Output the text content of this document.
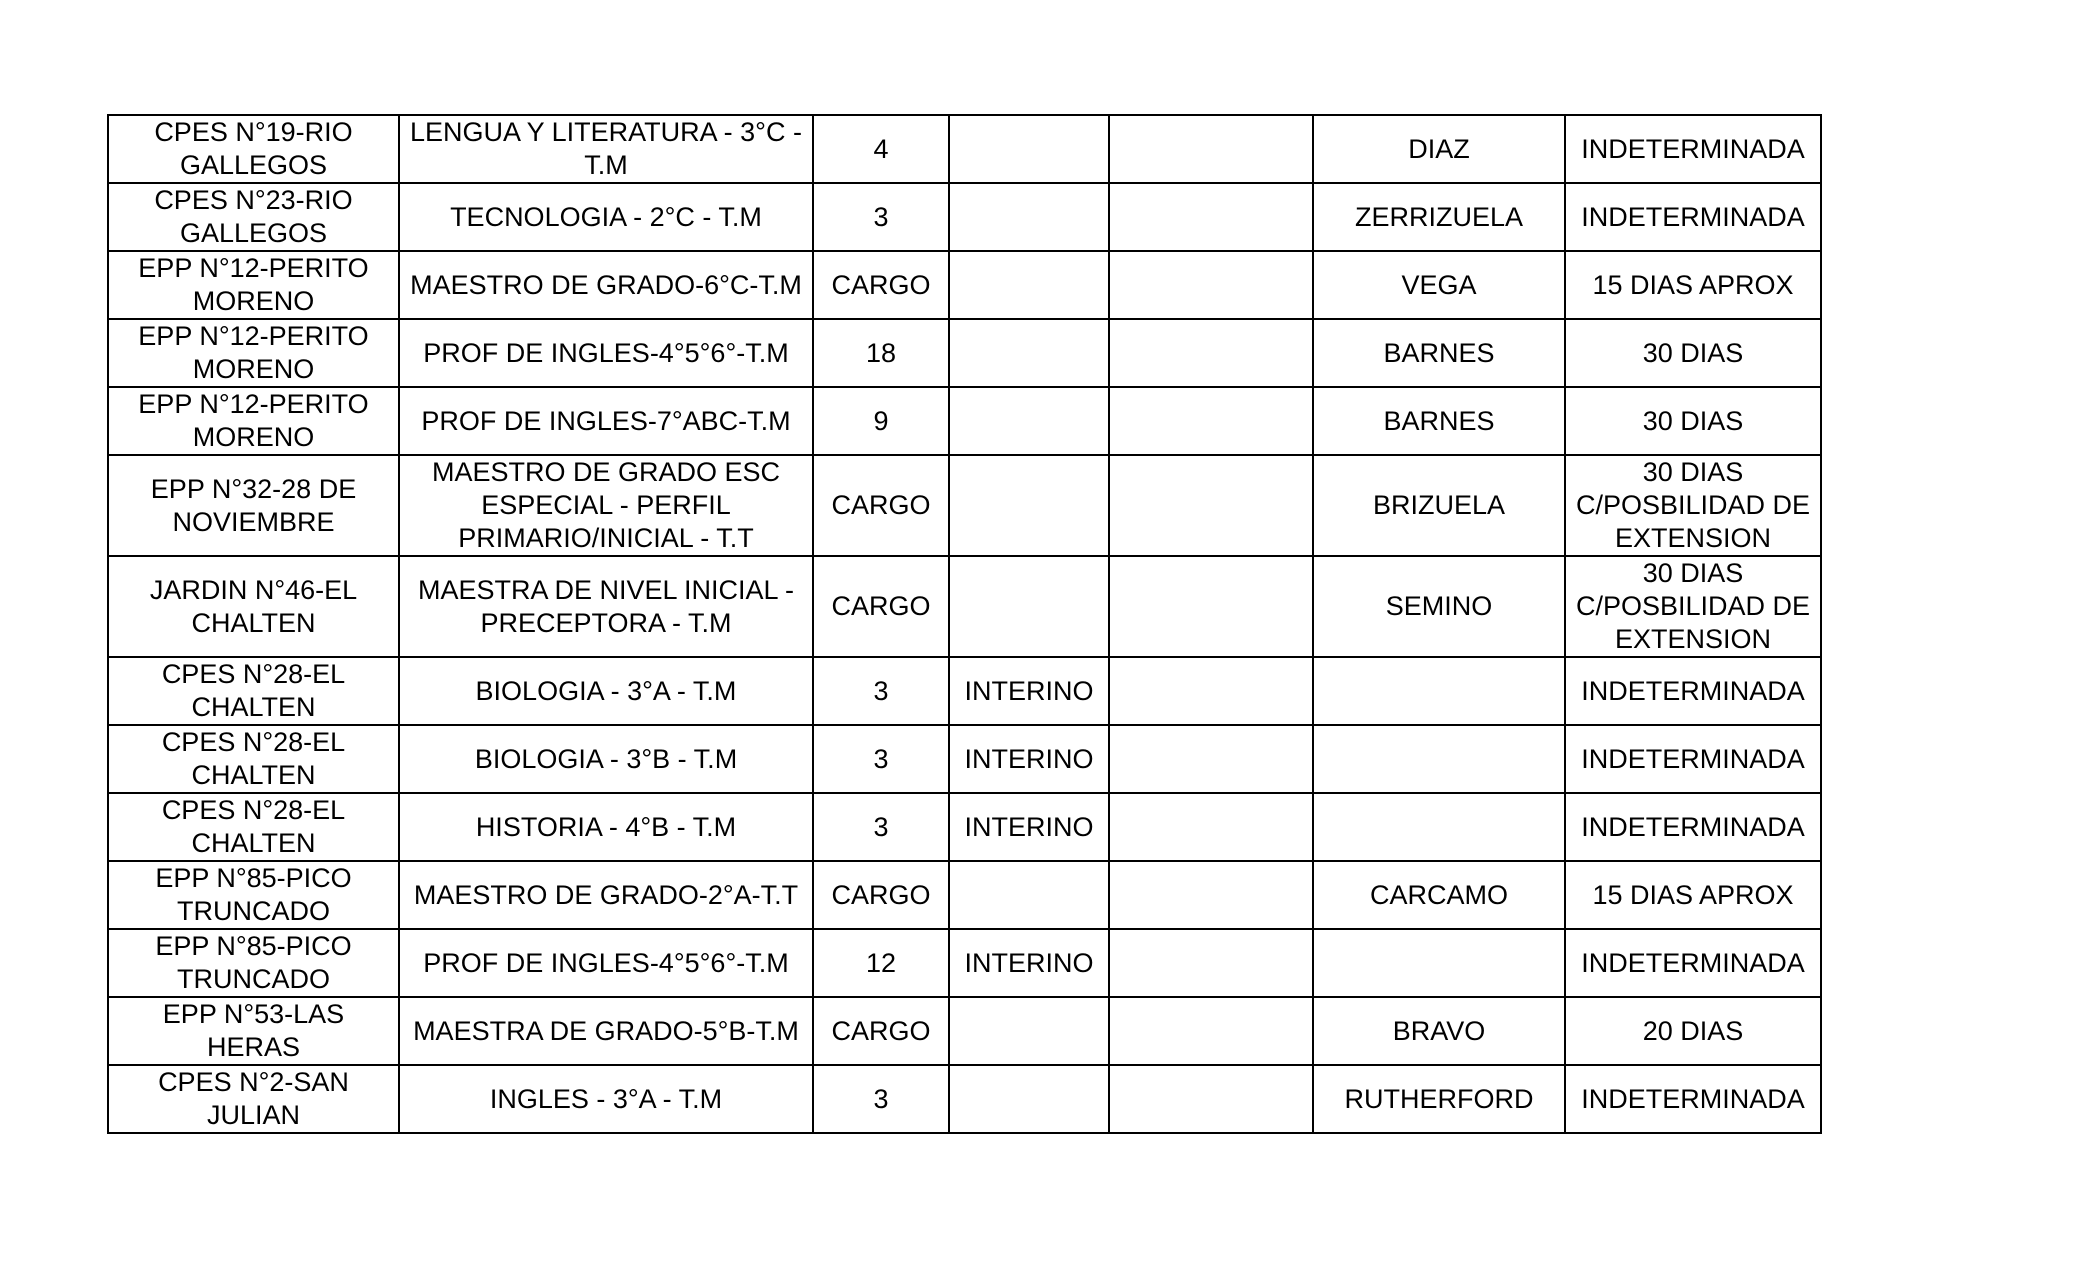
CPES N°19-RIO GALLEGOS	LENGUA Y LITERATURA - 3°C - T.M	4			DIAZ	INDETERMINADA
CPES N°23-RIO GALLEGOS	TECNOLOGIA - 2°C - T.M	3			ZERRIZUELA	INDETERMINADA
EPP N°12-PERITO MORENO	MAESTRO DE GRADO-6°C-T.M	CARGO			VEGA	15 DIAS APROX
EPP N°12-PERITO MORENO	PROF DE INGLES-4°5°6°-T.M	18			BARNES	30 DIAS
EPP N°12-PERITO MORENO	PROF DE INGLES-7°ABC-T.M	9			BARNES	30 DIAS
EPP N°32-28 DE NOVIEMBRE	MAESTRO DE GRADO ESC ESPECIAL - PERFIL PRIMARIO/INICIAL - T.T	CARGO			BRIZUELA	30 DIAS C/POSBILIDAD DE EXTENSION
JARDIN N°46-EL CHALTEN	MAESTRA DE NIVEL INICIAL - PRECEPTORA - T.M	CARGO			SEMINO	30 DIAS C/POSBILIDAD DE EXTENSION
CPES N°28-EL CHALTEN	BIOLOGIA - 3°A - T.M	3	INTERINO			INDETERMINADA
CPES N°28-EL CHALTEN	BIOLOGIA - 3°B - T.M	3	INTERINO			INDETERMINADA
CPES N°28-EL CHALTEN	HISTORIA - 4°B - T.M	3	INTERINO			INDETERMINADA
EPP N°85-PICO TRUNCADO	MAESTRO DE GRADO-2°A-T.T	CARGO			CARCAMO	15 DIAS APROX
EPP N°85-PICO TRUNCADO	PROF DE INGLES-4°5°6°-T.M	12	INTERINO			INDETERMINADA
EPP N°53-LAS HERAS	MAESTRA DE GRADO-5°B-T.M	CARGO			BRAVO	20 DIAS
CPES N°2-SAN JULIAN	INGLES - 3°A - T.M	3			RUTHERFORD	INDETERMINADA
